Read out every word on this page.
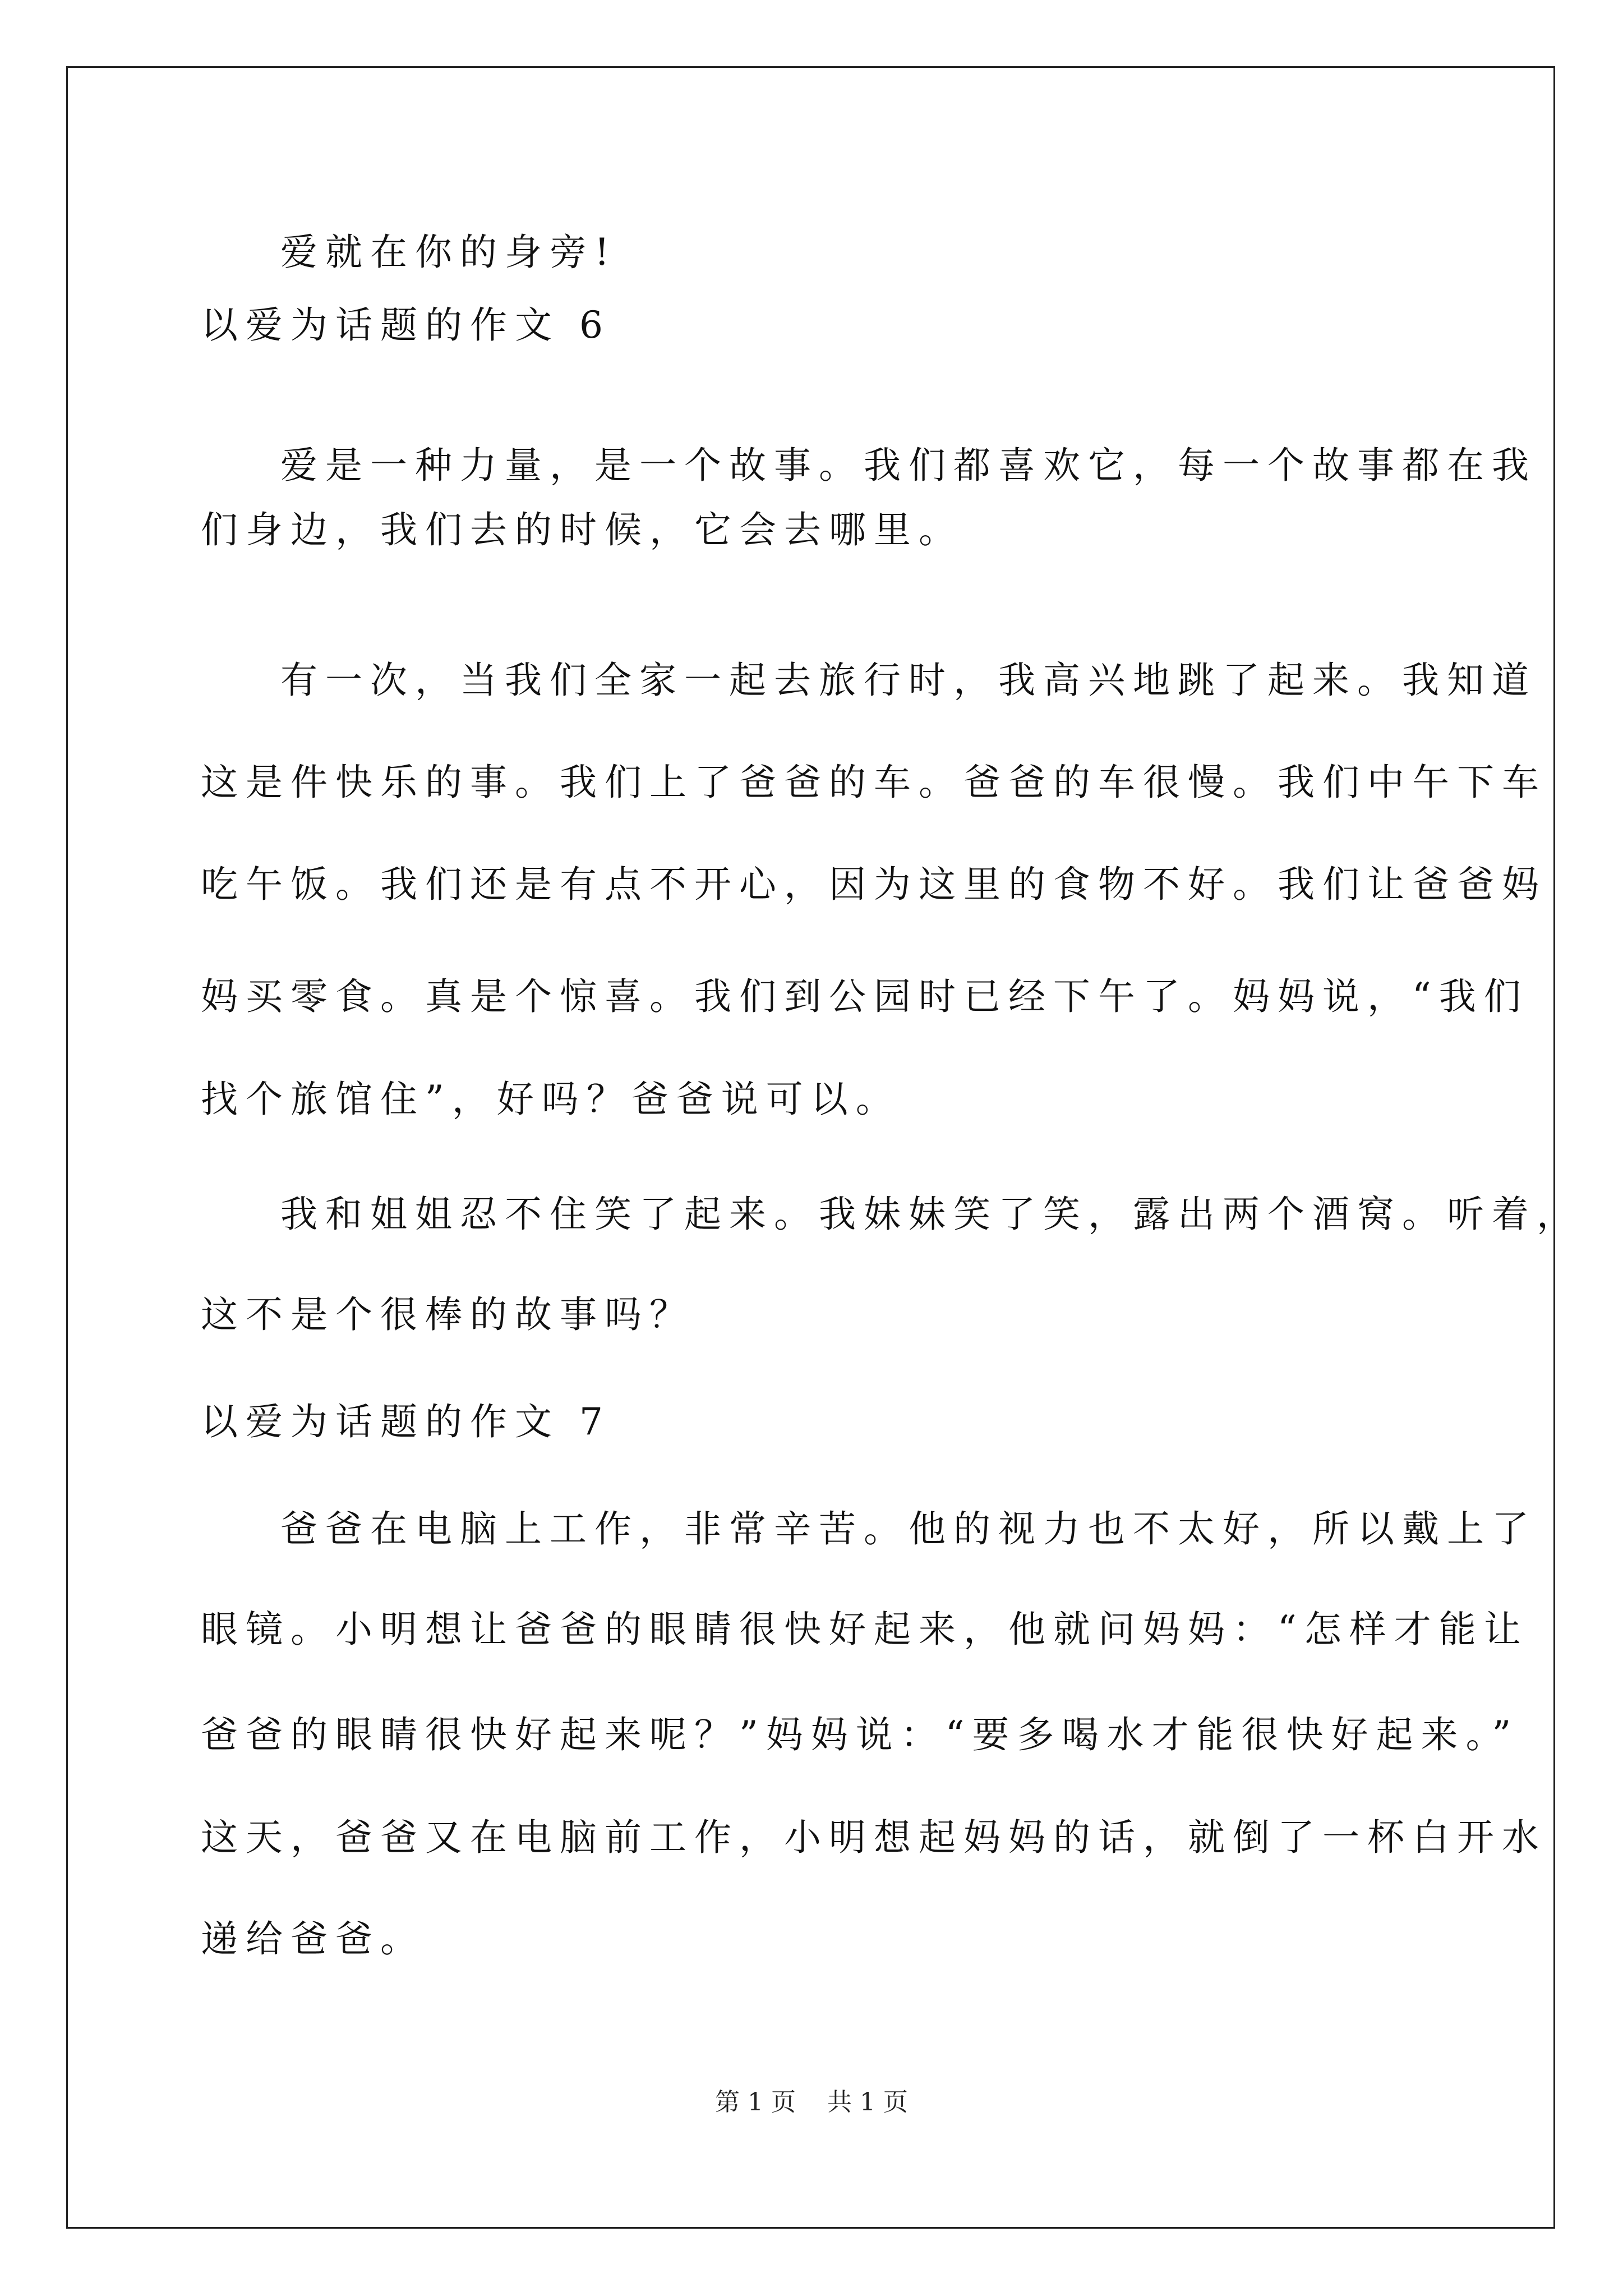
爱就在你的身旁!
以爱为话题的作文 6
爱是一种力量，是一个故事。我们都喜欢它，每一个故事都在我
们身边，我们去的时候，它会去哪里。
有一次，当我们全家一起去旅行时，我高兴地跳了起来。我知道
这是件快乐的事。我们上了爸爸的车。爸爸的车很慢。我们中午下车
吃午饭。我们还是有点不开心，因为这里的食物不好。我们让爸爸妈
妈买零食。真是个惊喜。我们到公园时已经下午了。妈妈说，“我们
找个旅馆住”，好吗？爸爸说可以。
我和姐姐忍不住笑了起来。我妹妹笑了笑，露出两个酒窝。听着，
这不是个很棒的故事吗？
以爱为话题的作文 7
爸爸在电脑上工作，非常辛苦。他的视力也不太好，所以戴上了
眼镜。小明想让爸爸的眼睛很快好起来，他就问妈妈：“怎样才能让
爸爸的眼睛很快好起来呢？”妈妈说：“要多喝水才能很快好起来。”
这天，爸爸又在电脑前工作，小明想起妈妈的话，就倒了一杯白开水
递给爸爸。
第 1 页    共 1 页
